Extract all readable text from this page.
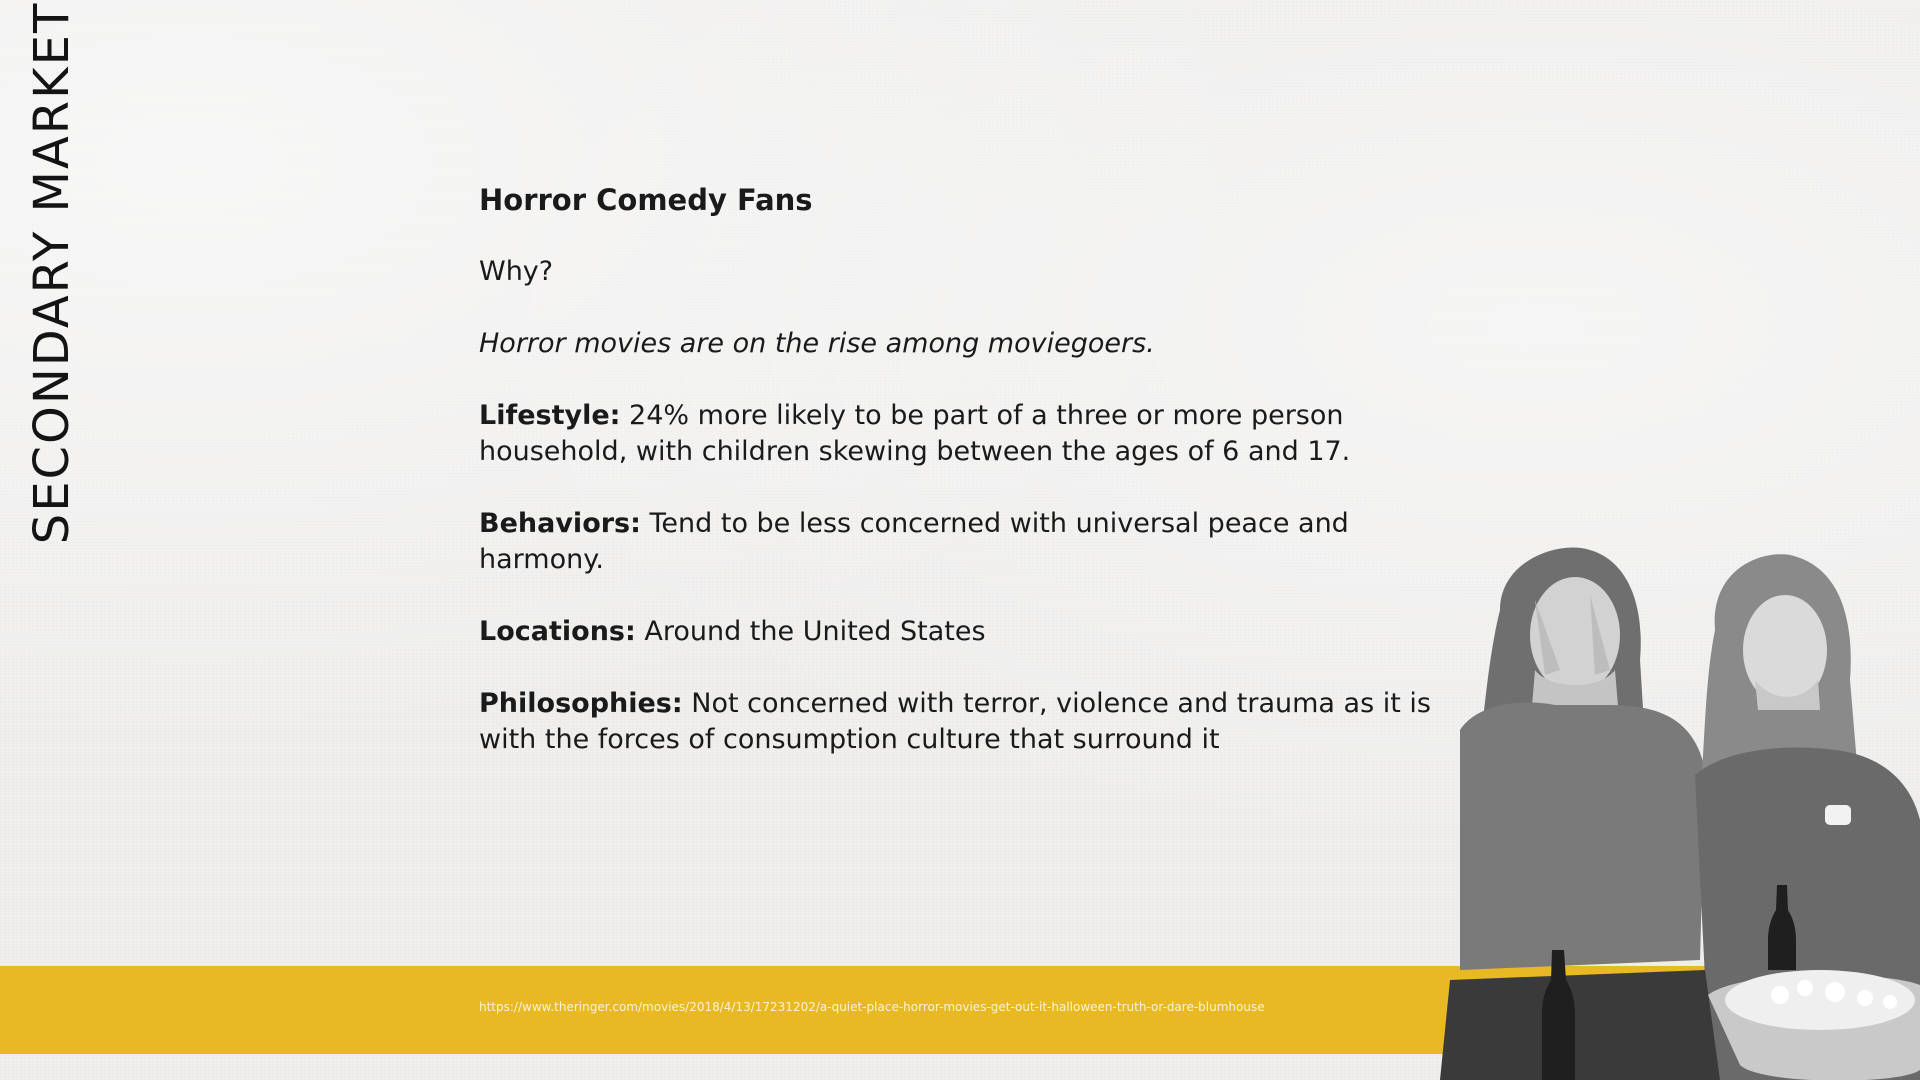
SECONDARY MARKET	Horror Comedy Fans

Why?

Horror movies are on the rise among moviegoers.

Lifestyle: 24% more likely to be part of a three or more person household, with children skewing between the ages of 6 and 17.

Behaviors: Tend to be less concerned with universal peace and harmony.

Locations: Around the United States

Philosophies: Not concerned with terror, violence and trauma as it is with the forces of consumption culture that surround it

https://www.theringer.com/movies/2018/4/13/17231202/a-quiet-place-horror-movies-get-out-it-halloween-truth-or-dare-blumhouse
